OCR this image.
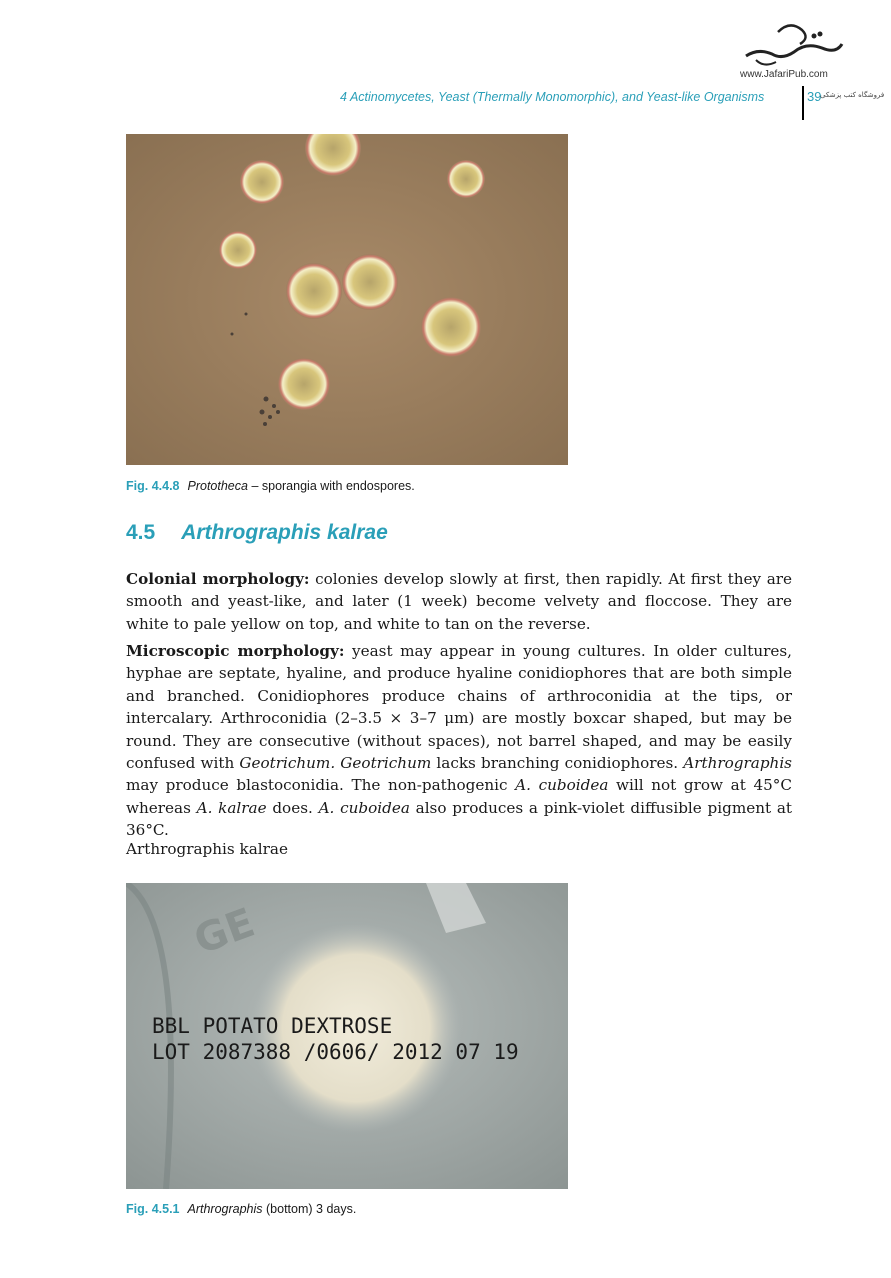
www.JafariPub.com
4 Actinomycetes, Yeast (Thermally Monomorphic), and Yeast-like Organisms	39
فروشگاه کتب پزشکی
Fig. 4.4.8 Prototheca – sporangia with endospores.
4.5 Arthrographis kalrae

Colonial morphology: colonies develop slowly at first, then rapidly. At first they are smooth and yeast-like, and later (1 week) become velvety and floccose. They are white to pale yellow on top, and white to tan on the reverse.

Microscopic morphology: yeast may appear in young cultures. In older cultures, hyphae are septate, hyaline, and produce hyaline conidiophores that are both simple and branched. Conidiophores produce chains of arthroconidia at the tips, or intercalary. Arthroconidia (2–3.5 × 3–7 μm) are mostly boxcar shaped, but may be round. They are consecutive (without spaces), not barrel shaped, and may be easily confused with Geotrichum. Geotrichum lacks branching conidiophores. Arthrographis may produce blastoconidia. The non-pathogenic A. cuboidea will not grow at 45°C whereas A. kalrae does. A. cuboidea also produces a pink-violet diffusible pigment at 36°C.

Arthrographis kalrae
GE
BBL POTATO DEXTROSE
LOT 2087388 /0606/ 2012 07 19
Fig. 4.5.1 Arthrographis (bottom) 3 days.
